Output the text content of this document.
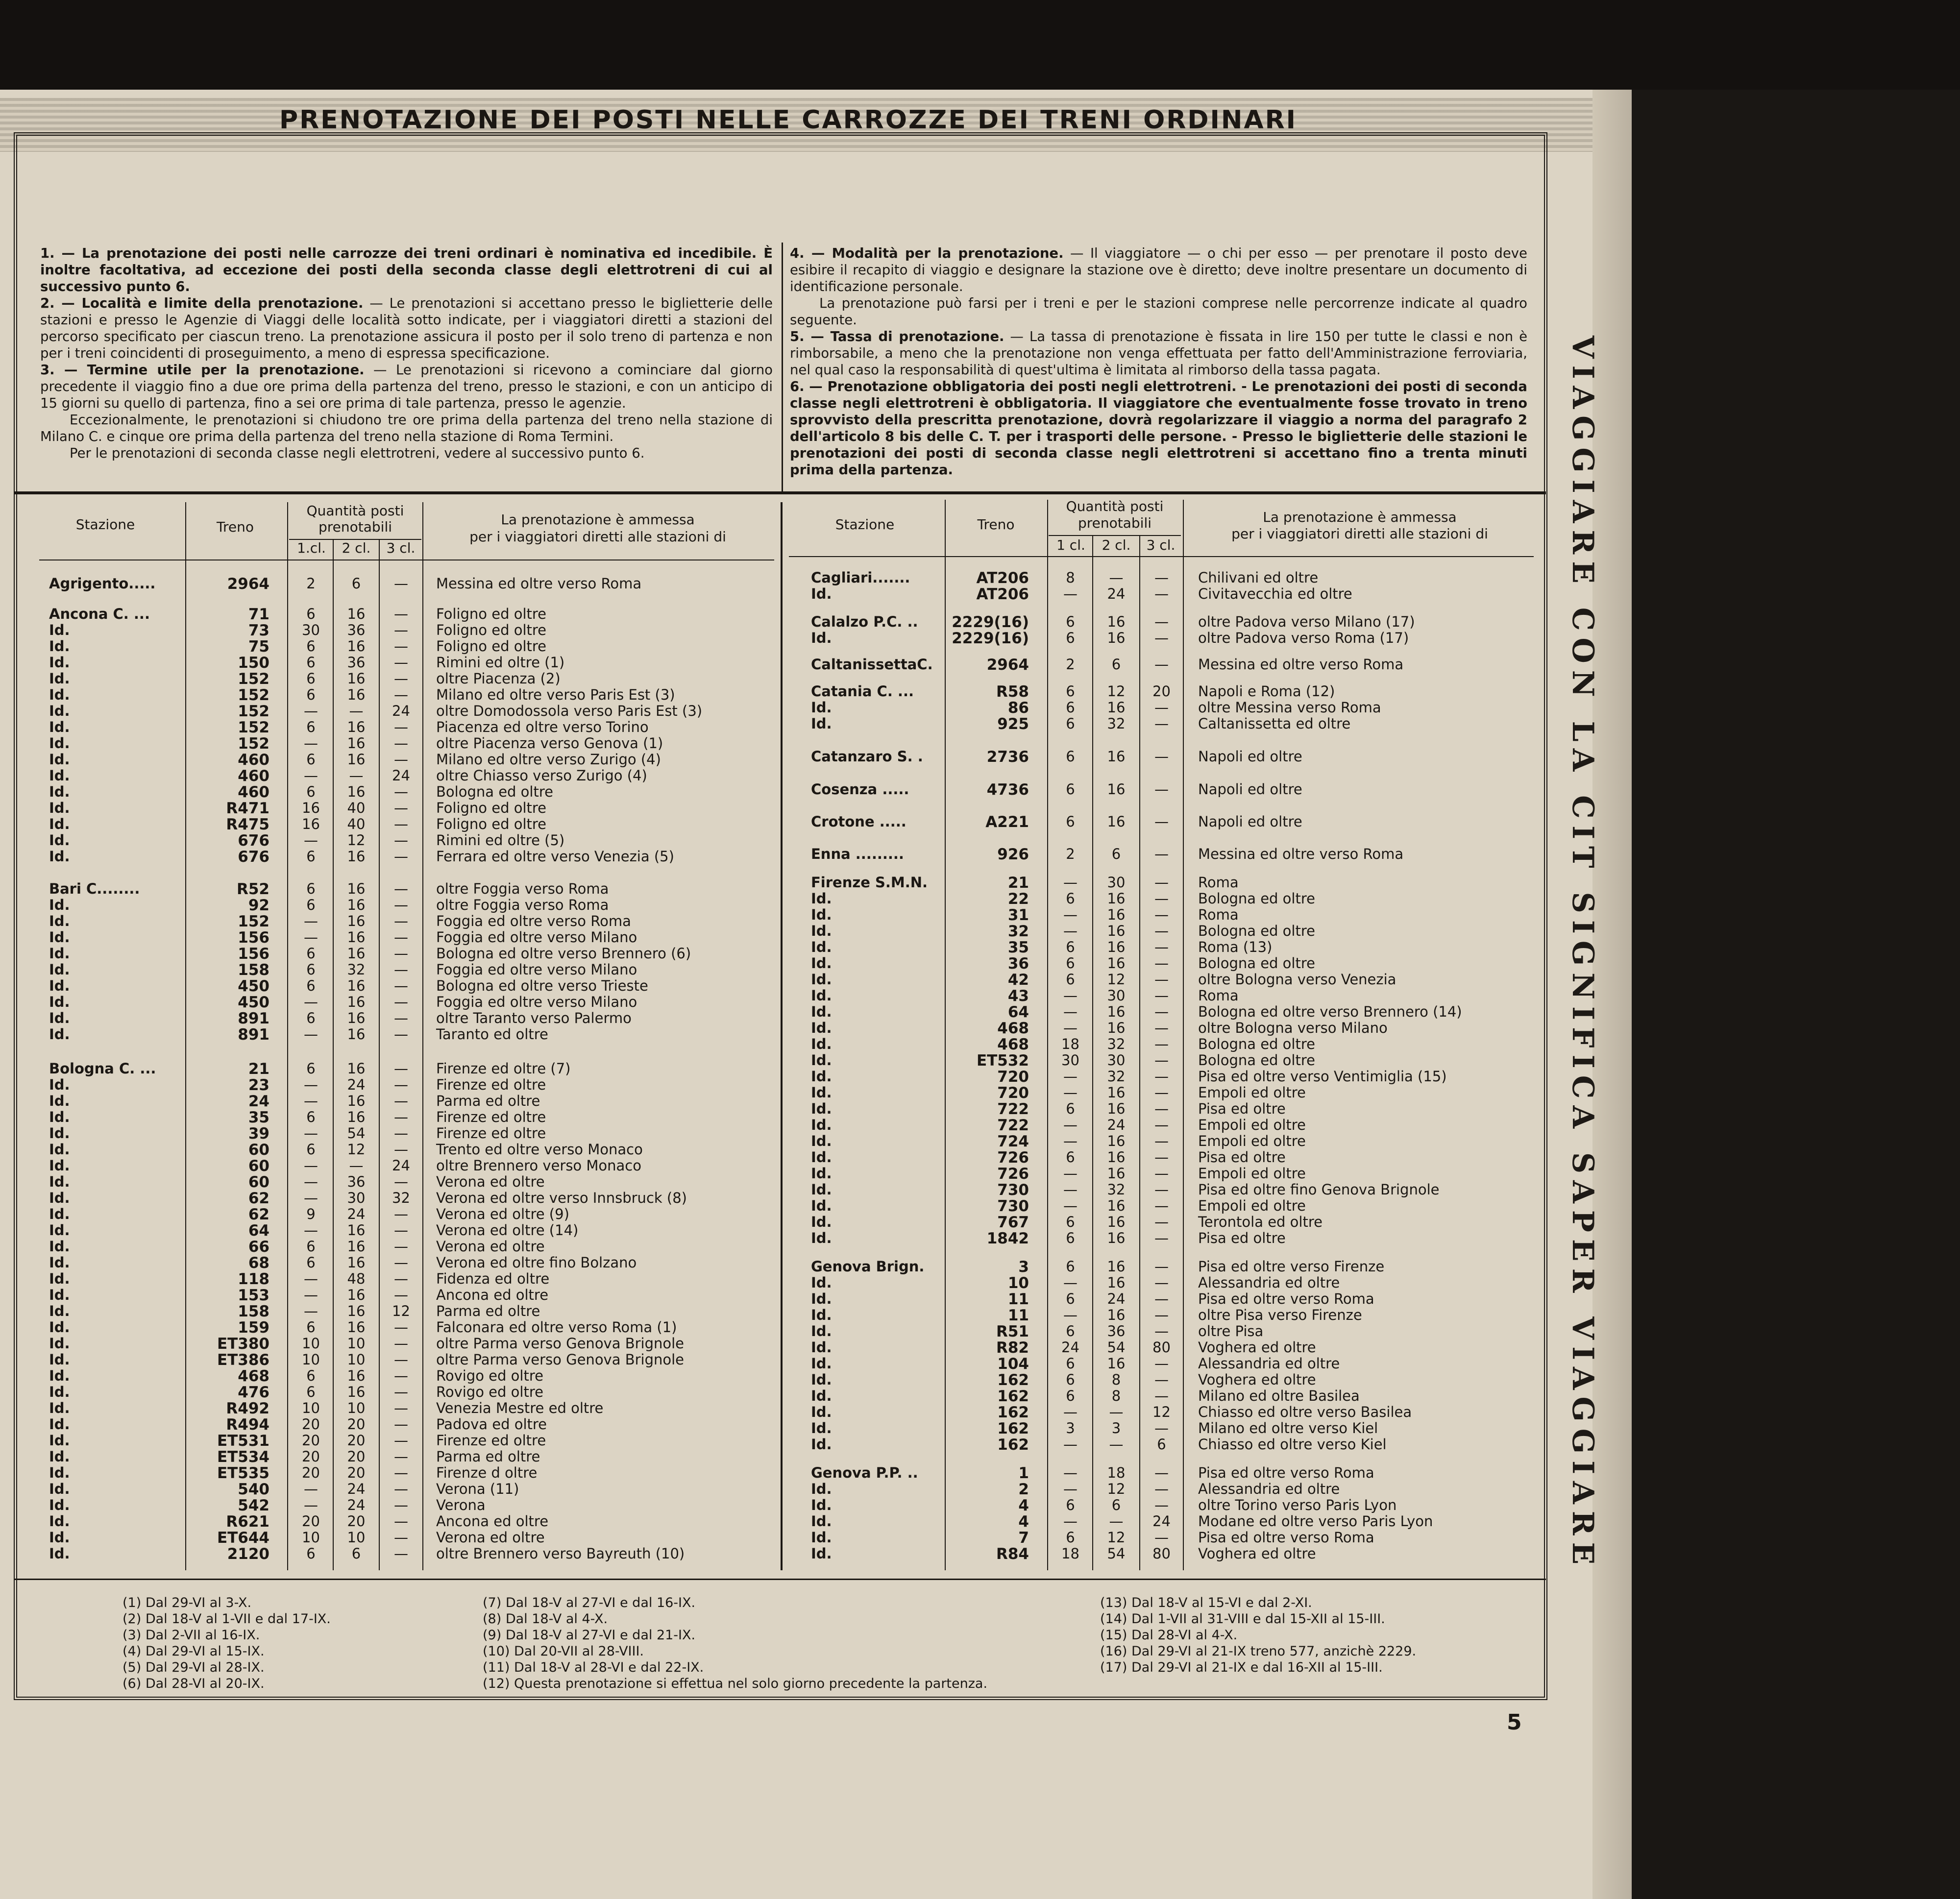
PRENOTAZIONE DEI POSTI NELLE CARROZZE DEI TRENI ORDINARI

1. — La prenotazione dei posti nelle carrozze dei treni ordinari è nominativa ed incedibile. È inoltre facoltativa, ad eccezione dei posti della seconda classe degli elettrotreni di cui al successivo punto 6.

2. — Località e limite della prenotazione. — Le prenotazioni si accettano presso le biglietterie delle stazioni e presso le Agenzie di Viaggi delle località sotto indicate, per i viaggiatori diretti a stazioni del percorso specificato per ciascun treno. La prenotazione assicura il posto per il solo treno di partenza e non per i treni coincidenti di proseguimento, a meno di espressa specificazione.

3. — Termine utile per la prenotazione. — Le prenotazioni si ricevono a cominciare dal giorno precedente il viaggio fino a due ore prima della partenza del treno, presso le stazioni, e con un anticipo di 15 giorni su quello di partenza, fino a sei ore prima di tale partenza, presso le agenzie.

Eccezionalmente, le prenotazioni si chiudono tre ore prima della partenza del treno nella stazione di Milano C. e cinque ore prima della partenza del treno nella stazione di Roma Termini.

Per le prenotazioni di seconda classe negli elettrotreni, vedere al successivo punto 6.

4. — Modalità per la prenotazione. — Il viaggiatore — o chi per esso — per prenotare il posto deve esibire il recapito di viaggio e designare la stazione ove è diretto; deve inoltre presentare un documento di identificazione personale.

La prenotazione può farsi per i treni e per le stazioni comprese nelle percorrenze indicate al quadro seguente.

5. — Tassa di prenotazione. — La tassa di prenotazione è fissata in lire 150 per tutte le classi e non è rimborsabile, a meno che la prenotazione non venga effettuata per fatto dell'Amministrazione ferroviaria, nel qual caso la responsabilità di quest'ultima è limitata al rimborso della tassa pagata.

6. — Prenotazione obbligatoria dei posti negli elettrotreni. - Le prenotazioni dei posti di seconda classe negli elettrotreni è obbligatoria. Il viaggiatore che eventualmente fosse trovato in treno sprovvisto della prescritta prenotazione, dovrà regolarizzare il viaggio a norma del paragrafo 2 dell'articolo 8 bis delle C. T. per i trasporti delle persone. - Presso le biglietterie delle stazioni le prenotazioni dei posti di seconda classe negli elettrotreni si accettano fino a trenta minuti prima della partenza.

Stazione	Treno
Quantità posti
prenotabili
1.cl.	2 cl.	3 cl.
La prenotazione è ammessa
per i viaggiatori diretti alle stazioni di
Stazione	Treno
Quantità posti
prenotabili
1 cl.	2 cl.	3 cl.
La prenotazione è ammessa
per i viaggiatori diretti alle stazioni di
Agrigento.....	2964	2	6	—	Messina ed oltre verso Roma
Ancona C. ...	71	6	16	—	Foligno ed oltre
Id.	73	30	36	—	Foligno ed oltre
Id.	75	6	16	—	Foligno ed oltre
Id.	150	6	36	—	Rimini ed oltre (1)
Id.	152	6	16	—	oltre Piacenza (2)
Id.	152	6	16	—	Milano ed oltre verso Paris Est (3)
Id.	152	—	—	24	oltre Domodossola verso Paris Est (3)
Id.	152	6	16	—	Piacenza ed oltre verso Torino
Id.	152	—	16	—	oltre Piacenza verso Genova (1)
Id.	460	6	16	—	Milano ed oltre verso Zurigo (4)
Id.	460	—	—	24	oltre Chiasso verso Zurigo (4)
Id.	460	6	16	—	Bologna ed oltre
Id.	R471	16	40	—	Foligno ed oltre
Id.	R475	16	40	—	Foligno ed oltre
Id.	676	—	12	—	Rimini ed oltre (5)
Id.	676	6	16	—	Ferrara ed oltre verso Venezia (5)
Bari C........	R52	6	16	—	oltre Foggia verso Roma
Id.	92	6	16	—	oltre Foggia verso Roma
Id.	152	—	16	—	Foggia ed oltre verso Roma
Id.	156	—	16	—	Foggia ed oltre verso Milano
Id.	156	6	16	—	Bologna ed oltre verso Brennero (6)
Id.	158	6	32	—	Foggia ed oltre verso Milano
Id.	450	6	16	—	Bologna ed oltre verso Trieste
Id.	450	—	16	—	Foggia ed oltre verso Milano
Id.	891	6	16	—	oltre Taranto verso Palermo
Id.	891	—	16	—	Taranto ed oltre
Bologna C. ...	21	6	16	—	Firenze ed oltre (7)
Id.	23	—	24	—	Firenze ed oltre
Id.	24	—	16	—	Parma ed oltre
Id.	35	6	16	—	Firenze ed oltre
Id.	39	—	54	—	Firenze ed oltre
Id.	60	6	12	—	Trento ed oltre verso Monaco
Id.	60	—	—	24	oltre Brennero verso Monaco
Id.	60	—	36	—	Verona ed oltre
Id.	62	—	30	32	Verona ed oltre verso Innsbruck (8)
Id.	62	9	24	—	Verona ed oltre (9)
Id.	64	—	16	—	Verona ed oltre (14)
Id.	66	6	16	—	Verona ed oltre
Id.	68	6	16	—	Verona ed oltre fino Bolzano
Id.	118	—	48	—	Fidenza ed oltre
Id.	153	—	16	—	Ancona ed oltre
Id.	158	—	16	12	Parma ed oltre
Id.	159	6	16	—	Falconara ed oltre verso Roma (1)
Id.	ET380	10	10	—	oltre Parma verso Genova Brignole
Id.	ET386	10	10	—	oltre Parma verso Genova Brignole
Id.	468	6	16	—	Rovigo ed oltre
Id.	476	6	16	—	Rovigo ed oltre
Id.	R492	10	10	—	Venezia Mestre ed oltre
Id.	R494	20	20	—	Padova ed oltre
Id.	ET531	20	20	—	Firenze ed oltre
Id.	ET534	20	20	—	Parma ed oltre
Id.	ET535	20	20	—	Firenze d oltre
Id.	540	—	24	—	Verona (11)
Id.	542	—	24	—	Verona
Id.	R621	20	20	—	Ancona ed oltre
Id.	ET644	10	10	—	Verona ed oltre
Id.	2120	6	6	—	oltre Brennero verso Bayreuth (10)
Cagliari.......	AT206	8	—	—	Chilivani ed oltre
Id.	AT206	—	24	—	Civitavecchia ed oltre
Calalzo P.C. ..	2229(16)	6	16	—	oltre Padova verso Milano (17)
Id.	2229(16)	6	16	—	oltre Padova verso Roma (17)
CaltanissettaC.	2964	2	6	—	Messina ed oltre verso Roma
Catania C. ...	R58	6	12	20	Napoli e Roma (12)
Id.	86	6	16	—	oltre Messina verso Roma
Id.	925	6	32	—	Caltanissetta ed oltre
Catanzaro S. .	2736	6	16	—	Napoli ed oltre
Cosenza .....	4736	6	16	—	Napoli ed oltre
Crotone .....	A221	6	16	—	Napoli ed oltre
Enna .........	926	2	6	—	Messina ed oltre verso Roma
Firenze S.M.N.	21	—	30	—	Roma
Id.	22	6	16	—	Bologna ed oltre
Id.	31	—	16	—	Roma
Id.	32	—	16	—	Bologna ed oltre
Id.	35	6	16	—	Roma (13)
Id.	36	6	16	—	Bologna ed oltre
Id.	42	6	12	—	oltre Bologna verso Venezia
Id.	43	—	30	—	Roma
Id.	64	—	16	—	Bologna ed oltre verso Brennero (14)
Id.	468	—	16	—	oltre Bologna verso Milano
Id.	468	18	32	—	Bologna ed oltre
Id.	ET532	30	30	—	Bologna ed oltre
Id.	720	—	32	—	Pisa ed oltre verso Ventimiglia (15)
Id.	720	—	16	—	Empoli ed oltre
Id.	722	6	16	—	Pisa ed oltre
Id.	722	—	24	—	Empoli ed oltre
Id.	724	—	16	—	Empoli ed oltre
Id.	726	6	16	—	Pisa ed oltre
Id.	726	—	16	—	Empoli ed oltre
Id.	730	—	32	—	Pisa ed oltre fino Genova Brignole
Id.	730	—	16	—	Empoli ed oltre
Id.	767	6	16	—	Terontola ed oltre
Id.	1842	6	16	—	Pisa ed oltre
Genova Brign.	3	6	16	—	Pisa ed oltre verso Firenze
Id.	10	—	16	—	Alessandria ed oltre
Id.	11	6	24	—	Pisa ed oltre verso Roma
Id.	11	—	16	—	oltre Pisa verso Firenze
Id.	R51	6	36	—	oltre Pisa
Id.	R82	24	54	80	Voghera ed oltre
Id.	104	6	16	—	Alessandria ed oltre
Id.	162	6	8	—	Voghera ed oltre
Id.	162	6	8	—	Milano ed oltre Basilea
Id.	162	—	—	12	Chiasso ed oltre verso Basilea
Id.	162	3	3	—	Milano ed oltre verso Kiel
Id.	162	—	—	6	Chiasso ed oltre verso Kiel
Genova P.P. ..	1	—	18	—	Pisa ed oltre verso Roma
Id.	2	—	12	—	Alessandria ed oltre
Id.	4	6	6	—	oltre Torino verso Paris Lyon
Id.	4	—	—	24	Modane ed oltre verso Paris Lyon
Id.	7	6	12	—	Pisa ed oltre verso Roma
Id.	R84	18	54	80	Voghera ed oltre
(1) Dal 29-VI al 3-X.
(2) Dal 18-V al 1-VII e dal 17-IX.
(3) Dal 2-VII al 16-IX.
(4) Dal 29-VI al 15-IX.
(5) Dal 29-VI al 28-IX.
(6) Dal 28-VI al 20-IX.
(7) Dal 18-V al 27-VI e dal 16-IX.
(8) Dal 18-V al 4-X.
(9) Dal 18-V al 27-VI e dal 21-IX.
(10) Dal 20-VII al 28-VIII.
(11) Dal 18-V al 28-VI e dal 22-IX.
(12) Questa prenotazione si effettua nel solo giorno precedente la partenza.
(13) Dal 18-V al 15-VI e dal 2-XI.
(14) Dal 1-VII al 31-VIII e dal 15-XII al 15-III.
(15) Dal 28-VI al 4-X.
(16) Dal 29-VI al 21-IX treno 577, anzichè 2229.
(17) Dal 29-VI al 21-IX e dal 16-XII al 15-III.
5
VIAGGIARE CON LA CIT SIGNIFICA SAPER VIAGGIARE
